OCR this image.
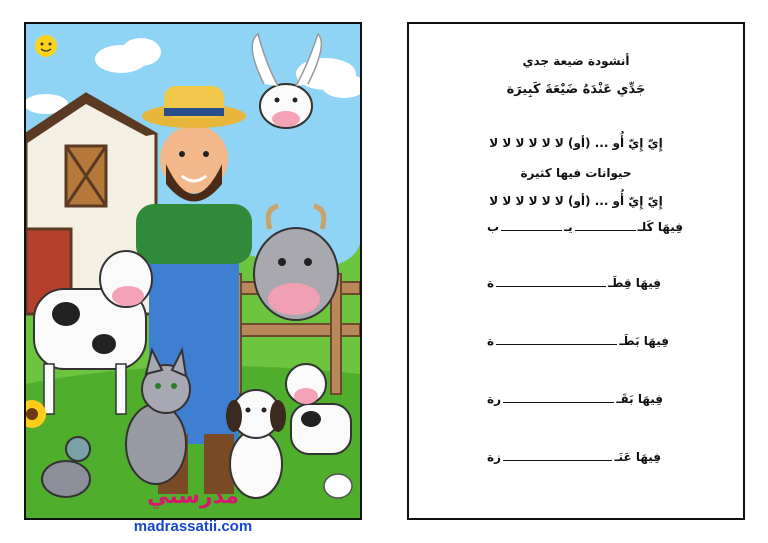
مدرستي
madrassatii.com
أنشودة ضيعة جدي
جَدِّي عَنْدَهُ ضَيْعَةَ كَبِيرَة
إِيّ إِيّ أُو ... (أو) لا لا لا لا لا لا
حيوانات فيها كثيرة
إِيّ إِيّ أُو ... (أو) لا لا لا لا لا لا
فِيهَا كَلـ
يـ
ب
فِيهَا قِطَـ
ة
فِيهَا بَطَـ
ة
فِيهَا بَقَـ
رة
فِيهَا عَنَـ
زة
